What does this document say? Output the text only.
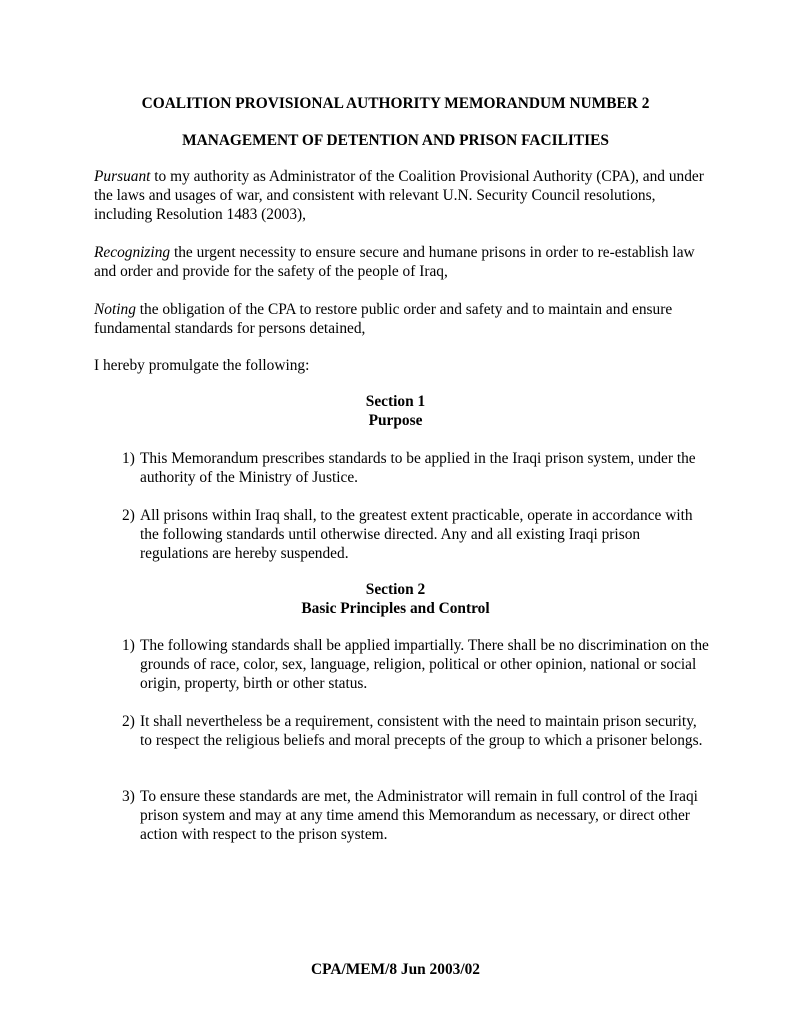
COALITION PROVISIONAL AUTHORITY MEMORANDUM NUMBER 2
MANAGEMENT OF DETENTION AND PRISON FACILITIES

Pursuant to my authority as Administrator of the Coalition Provisional Authority (CPA), and under the laws and usages of war, and consistent with relevant U.N. Security Council resolutions, including Resolution 1483 (2003),

Recognizing the urgent necessity to ensure secure and humane prisons in order to re-establish law and order and provide for the safety of the people of Iraq,

Noting the obligation of the CPA to restore public order and safety and to maintain and ensure fundamental standards for persons detained,

I hereby promulgate the following:

Section 1
Purpose
1) This Memorandum prescribes standards to be applied in the Iraqi prison system, under the authority of the Ministry of Justice.
2) All prisons within Iraq shall, to the greatest extent practicable, operate in accordance with the following standards until otherwise directed. Any and all existing Iraqi prison regulations are hereby suspended.
Section 2
Basic Principles and Control
1) The following standards shall be applied impartially. There shall be no discrimination on the grounds of race, color, sex, language, religion, political or other opinion, national or social origin, property, birth or other status.
2) It shall nevertheless be a requirement, consistent with the need to maintain prison security, to respect the religious beliefs and moral precepts of the group to which a prisoner belongs.
3) To ensure these standards are met, the Administrator will remain in full control of the Iraqi prison system and may at any time amend this Memorandum as necessary, or direct other action with respect to the prison system.
CPA/MEM/8 Jun 2003/02
